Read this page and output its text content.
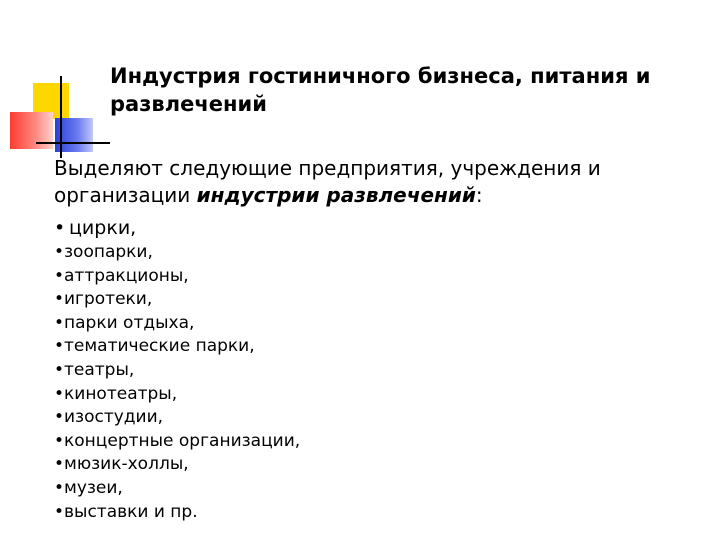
Индустрия гостиничного бизнеса, питания и развлечений

Выделяют следующие предприятия, учреждения и организации индустрии развлечений:

• цирки,
•зоопарки,
•аттракционы,
•игротеки,
•парки отдыха,
•тематические парки,
•театры,
•кинотеатры,
•изостудии,
•концертные организации,
•мюзик-холлы,
•музеи,
•выставки и пр.
